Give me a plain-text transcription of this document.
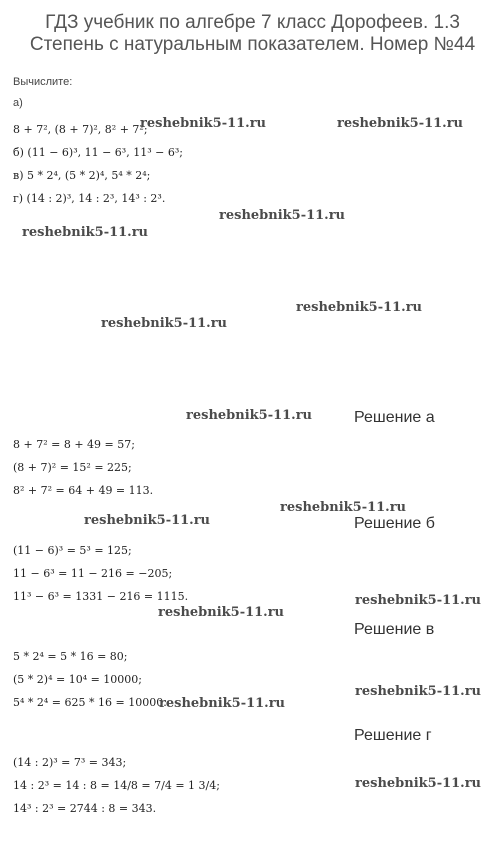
ГДЗ учебник по алгебре 7 класс Дорофеев. 1.3 Степень с натуральным показателем. Номер №44
Вычислите:
а)
8 + 7², (8 + 7)², 8² + 7²;
б) (11 − 6)³, 11 − 6³, 11³ − 6³;
в) 5 * 2⁴, (5 * 2)⁴, 5⁴ * 2⁴;
г) (14 : 2)³, 14 : 2³, 14³ : 2³.
Решение а
8 + 7² = 8 + 49 = 57;
(8 + 7)² = 15² = 225;
8² + 7² = 64 + 49 = 113.
Решение б
(11 − 6)³ = 5³ = 125;
11 − 6³ = 11 − 216 = −205;
11³ − 6³ = 1331 − 216 = 1115.
Решение в
5 * 2⁴ = 5 * 16 = 80;
(5 * 2)⁴ = 10⁴ = 10000;
5⁴ * 2⁴ = 625 * 16 = 10000.
Решение г
(14 : 2)³ = 7³ = 343;
14 : 2³ = 14 : 8 = 14/8 = 7/4 = 1 3/4;
14³ : 2³ = 2744 : 8 = 343.
reshebnik5-11.ru	reshebnik5-11.ru
reshebnik5-11.ru
reshebnik5-11.ru
reshebnik5-11.ru
reshebnik5-11.ru
reshebnik5-11.ru
reshebnik5-11.ru
reshebnik5-11.ru
reshebnik5-11.ru
reshebnik5-11.ru
reshebnik5-11.ru
reshebnik5-11.ru
reshebnik5-11.ru
